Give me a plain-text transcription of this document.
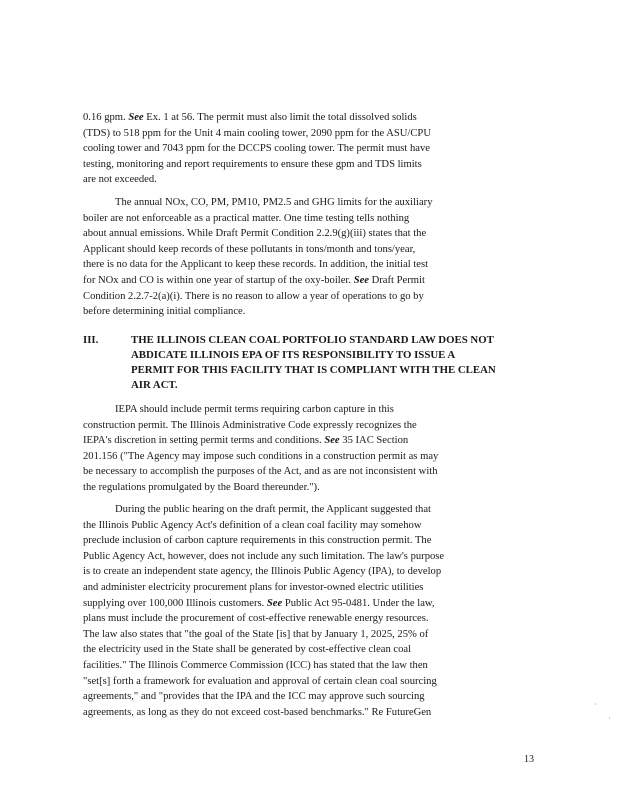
0.16 gpm. See Ex. 1 at 56. The permit must also limit the total dissolved solids
(TDS) to 518 ppm for the Unit 4 main cooling tower, 2090 ppm for the ASU/CPU
cooling tower and 7043 ppm for the DCCPS cooling tower. The permit must have
testing, monitoring and report requirements to ensure these gpm and TDS limits
are not exceeded.

The annual NOx, CO, PM, PM10, PM2.5 and GHG limits for the auxiliary
boiler are not enforceable as a practical matter. One time testing tells nothing
about annual emissions. While Draft Permit Condition 2.2.9(g)(iii) states that the
Applicant should keep records of these pollutants in tons/month and tons/year,
there is no data for the Applicant to keep these records. In addition, the initial test
for NOx and CO is within one year of startup of the oxy-boiler. See Draft Permit
Condition 2.2.7-2(a)(i). There is no reason to allow a year of operations to go by
before determining initial compliance.

III.	THE ILLINOIS CLEAN COAL PORTFOLIO STANDARD LAW DOES NOT
ABDICATE ILLINOIS EPA OF ITS RESPONSIBILITY TO ISSUE A
PERMIT FOR THIS FACILITY THAT IS COMPLIANT WITH THE CLEAN
AIR ACT.

IEPA should include permit terms requiring carbon capture in this
construction permit. The Illinois Administrative Code expressly recognizes the
IEPA's discretion in setting permit terms and conditions. See 35 IAC Section
201.156 ("The Agency may impose such conditions in a construction permit as may
be necessary to accomplish the purposes of the Act, and as are not inconsistent with
the regulations promulgated by the Board thereunder.").

During the public hearing on the draft permit, the Applicant suggested that
the Illinois Public Agency Act's definition of a clean coal facility may somehow
preclude inclusion of carbon capture requirements in this construction permit. The
Public Agency Act, however, does not include any such limitation. The law's purpose
is to create an independent state agency, the Illinois Public Agency (IPA), to develop
and administer electricity procurement plans for investor-owned electric utilities
supplying over 100,000 Illinois customers. See Public Act 95-0481. Under the law,
plans must include the procurement of cost-effective renewable energy resources.
The law also states that "the goal of the State [is] that by January 1, 2025, 25% of
the electricity used in the State shall be generated by cost-effective clean coal
facilities." The Illinois Commerce Commission (ICC) has stated that the law then
"set[s] forth a framework for evaluation and approval of certain clean coal sourcing
agreements," and "provides that the IPA and the ICC may approve such sourcing
agreements, as long as they do not exceed cost-based benchmarks." Re FutureGen

·
·
13
